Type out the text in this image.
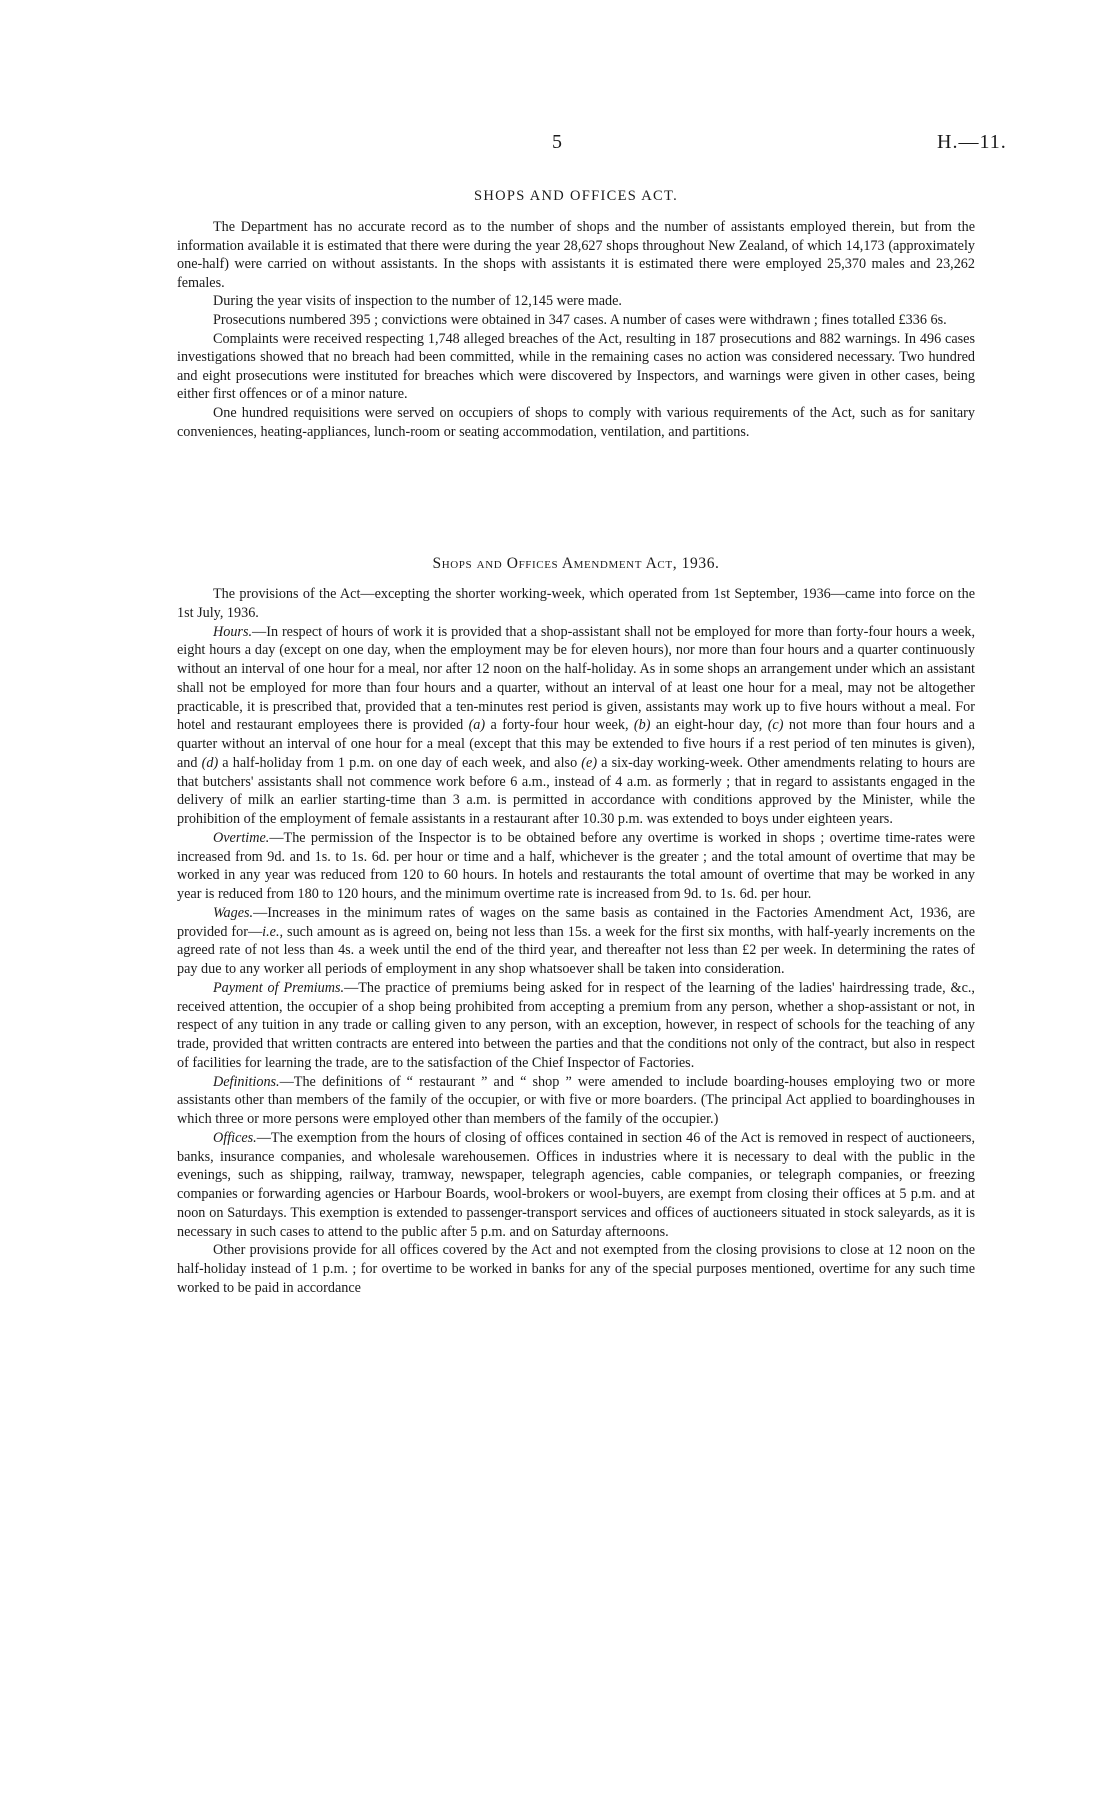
5	H.—11.
SHOPS AND OFFICES ACT.

The Department has no accurate record as to the number of shops and the number of assistants employed therein, but from the information available it is estimated that there were during the year 28,627 shops throughout New Zealand, of which 14,173 (approximately one-half) were carried on without assistants. In the shops with assistants it is estimated there were employed 25,370 males and 23,262 females.

During the year visits of inspection to the number of 12,145 were made.

Prosecutions numbered 395 ; convictions were obtained in 347 cases. A number of cases were withdrawn ; fines totalled £336 6s.

Complaints were received respecting 1,748 alleged breaches of the Act, resulting in 187 prosecutions and 882 warnings. In 496 cases investigations showed that no breach had been committed, while in the remaining cases no action was considered necessary. Two hundred and eight prosecutions were instituted for breaches which were discovered by Inspectors, and warnings were given in other cases, being either first offences or of a minor nature.

One hundred requisitions were served on occupiers of shops to comply with various requirements of the Act, such as for sanitary conveniences, heating-appliances, lunch-room or seating accommodation, ventilation, and partitions.

Shops and Offices Amendment Act, 1936.

The provisions of the Act—excepting the shorter working-week, which operated from 1st September, 1936—came into force on the 1st July, 1936.

Hours.—In respect of hours of work it is provided that a shop-assistant shall not be employed for more than forty-four hours a week, eight hours a day (except on one day, when the employment may be for eleven hours), nor more than four hours and a quarter continuously without an interval of one hour for a meal, nor after 12 noon on the half-holiday. As in some shops an arrangement under which an assistant shall not be employed for more than four hours and a quarter, without an interval of at least one hour for a meal, may not be altogether practicable, it is prescribed that, provided that a ten-minutes rest period is given, assistants may work up to five hours without a meal. For hotel and restaurant employees there is provided (a) a forty-four hour week, (b) an eight-hour day, (c) not more than four hours and a quarter without an interval of one hour for a meal (except that this may be extended to five hours if a rest period of ten minutes is given), and (d) a half-holiday from 1 p.m. on one day of each week, and also (e) a six-day working-week. Other amendments relating to hours are that butchers' assistants shall not commence work before 6 a.m., instead of 4 a.m. as formerly ; that in regard to assistants engaged in the delivery of milk an earlier starting-time than 3 a.m. is permitted in accordance with conditions approved by the Minister, while the prohibition of the employment of female assistants in a restaurant after 10.30 p.m. was extended to boys under eighteen years.

Overtime.—The permission of the Inspector is to be obtained before any overtime is worked in shops ; overtime time-rates were increased from 9d. and 1s. to 1s. 6d. per hour or time and a half, whichever is the greater ; and the total amount of overtime that may be worked in any year was reduced from 120 to 60 hours. In hotels and restaurants the total amount of overtime that may be worked in any year is reduced from 180 to 120 hours, and the minimum overtime rate is increased from 9d. to 1s. 6d. per hour.

Wages.—Increases in the minimum rates of wages on the same basis as contained in the Factories Amendment Act, 1936, are provided for—i.e., such amount as is agreed on, being not less than 15s. a week for the first six months, with half-yearly increments on the agreed rate of not less than 4s. a week until the end of the third year, and thereafter not less than £2 per week. In determining the rates of pay due to any worker all periods of employment in any shop whatsoever shall be taken into consideration.

Payment of Premiums.—The practice of premiums being asked for in respect of the learning of the ladies' hairdressing trade, &c., received attention, the occupier of a shop being prohibited from accepting a premium from any person, whether a shop-assistant or not, in respect of any tuition in any trade or calling given to any person, with an exception, however, in respect of schools for the teaching of any trade, provided that written contracts are entered into between the parties and that the conditions not only of the contract, but also in respect of facilities for learning the trade, are to the satisfaction of the Chief Inspector of Factories.

Definitions.—The definitions of “ restaurant ” and “ shop ” were amended to include boarding-houses employing two or more assistants other than members of the family of the occupier, or with five or more boarders. (The principal Act applied to boardinghouses in which three or more persons were employed other than members of the family of the occupier.)

Offices.—The exemption from the hours of closing of offices contained in section 46 of the Act is removed in respect of auctioneers, banks, insurance companies, and wholesale warehousemen. Offices in industries where it is necessary to deal with the public in the evenings, such as shipping, railway, tramway, newspaper, telegraph agencies, cable companies, or telegraph companies, or freezing companies or forwarding agencies or Harbour Boards, wool-brokers or wool-buyers, are exempt from closing their offices at 5 p.m. and at noon on Saturdays. This exemption is extended to passenger-transport services and offices of auctioneers situated in stock saleyards, as it is necessary in such cases to attend to the public after 5 p.m. and on Saturday afternoons.

Other provisions provide for all offices covered by the Act and not exempted from the closing provisions to close at 12 noon on the half-holiday instead of 1 p.m. ; for overtime to be worked in banks for any of the special purposes mentioned, overtime for any such time worked to be paid in accordance
